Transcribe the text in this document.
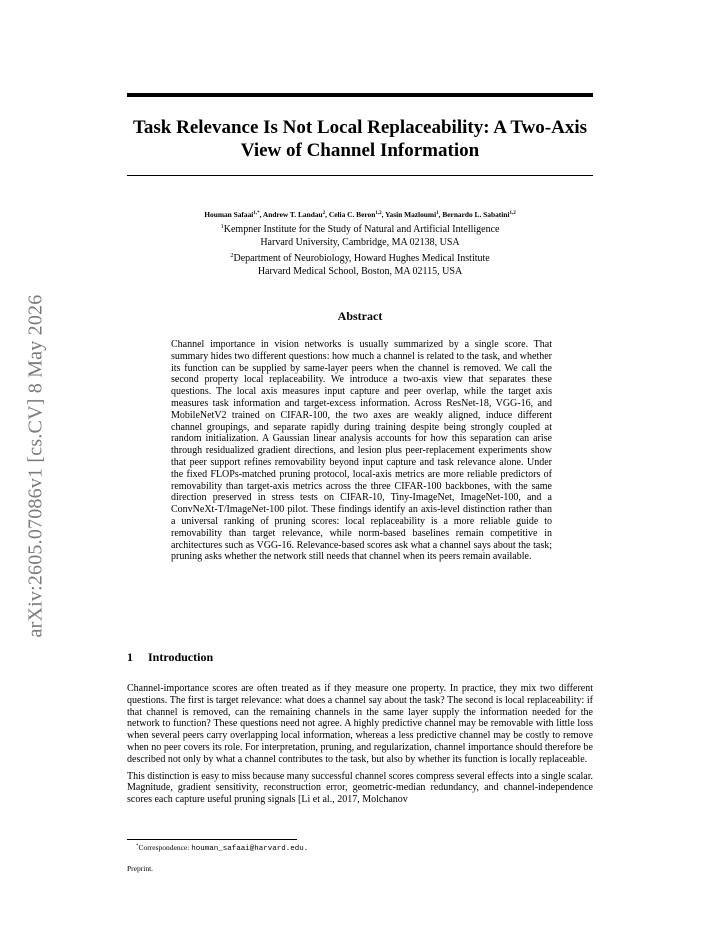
arXiv:2605.07086v1 [cs.CV] 8 May 2026
Task Relevance Is Not Local Replaceability: A Two-Axis View of Channel Information
Houman Safaai$^{1,*}$, Andrew T. Landau$^2$, Celia C. Beron$^{1,2}$, Yasin Mazloumi$^1$, Bernardo L. Sabatini$^{1,2}$
$^1$Kempner Institute for the Study of Natural and Artificial Intelligence
Harvard University, Cambridge, MA 02138, USA
$^2$Department of Neurobiology, Howard Hughes Medical Institute
Harvard Medical School, Boston, MA 02115, USA
Abstract

Channel importance in vision networks is usually summarized by a single score. That summary hides two different questions: how much a channel is related to the task, and whether its function can be supplied by same-layer peers when the channel is removed. We call the second property local replaceability. We introduce a two-axis view that separates these questions. The local axis measures input capture and peer overlap, while the target axis measures task information and target-excess information. Across ResNet-18, VGG-16, and MobileNetV2 trained on CIFAR-100, the two axes are weakly aligned, induce different channel groupings, and separate rapidly during training despite being strongly coupled at random initialization. A Gaussian linear analysis accounts for how this separation can arise through residualized gradient directions, and lesion plus peer-replacement experiments show that peer support refines removability beyond input capture and task relevance alone. Under the fixed FLOPs-matched pruning protocol, local-axis metrics are more reliable predictors of removability than target-axis metrics across the three CIFAR-100 backbones, with the same direction preserved in stress tests on CIFAR-10, Tiny-ImageNet, ImageNet-100, and a ConvNeXt-T/ImageNet-100 pilot. These findings identify an axis-level distinction rather than a universal ranking of pruning scores: local replaceability is a more reliable guide to removability than target relevance, while norm-based baselines remain competitive in architectures such as VGG-16. Relevance-based scores ask what a channel says about the task; pruning asks whether the network still needs that channel when its peers remain available.

1 Introduction

Channel-importance scores are often treated as if they measure one property. In practice, they mix two different questions. The first is target relevance: what does a channel say about the task? The second is local replaceability: if that channel is removed, can the remaining channels in the same layer supply the information needed for the network to function? These questions need not agree. A highly predictive channel may be removable with little loss when several peers carry overlapping local information, whereas a less predictive channel may be costly to remove when no peer covers its role. For interpretation, pruning, and regularization, channel importance should therefore be described not only by what a channel contributes to the task, but also by whether its function is locally replaceable.

This distinction is easy to miss because many successful channel scores compress several effects into a single scalar. Magnitude, gradient sensitivity, reconstruction error, geometric-median redundancy, and channel-independence scores each capture useful pruning signals [Li et al., 2017, Molchanov

*Correspondence: houman_safaai@harvard.edu.
Preprint.
